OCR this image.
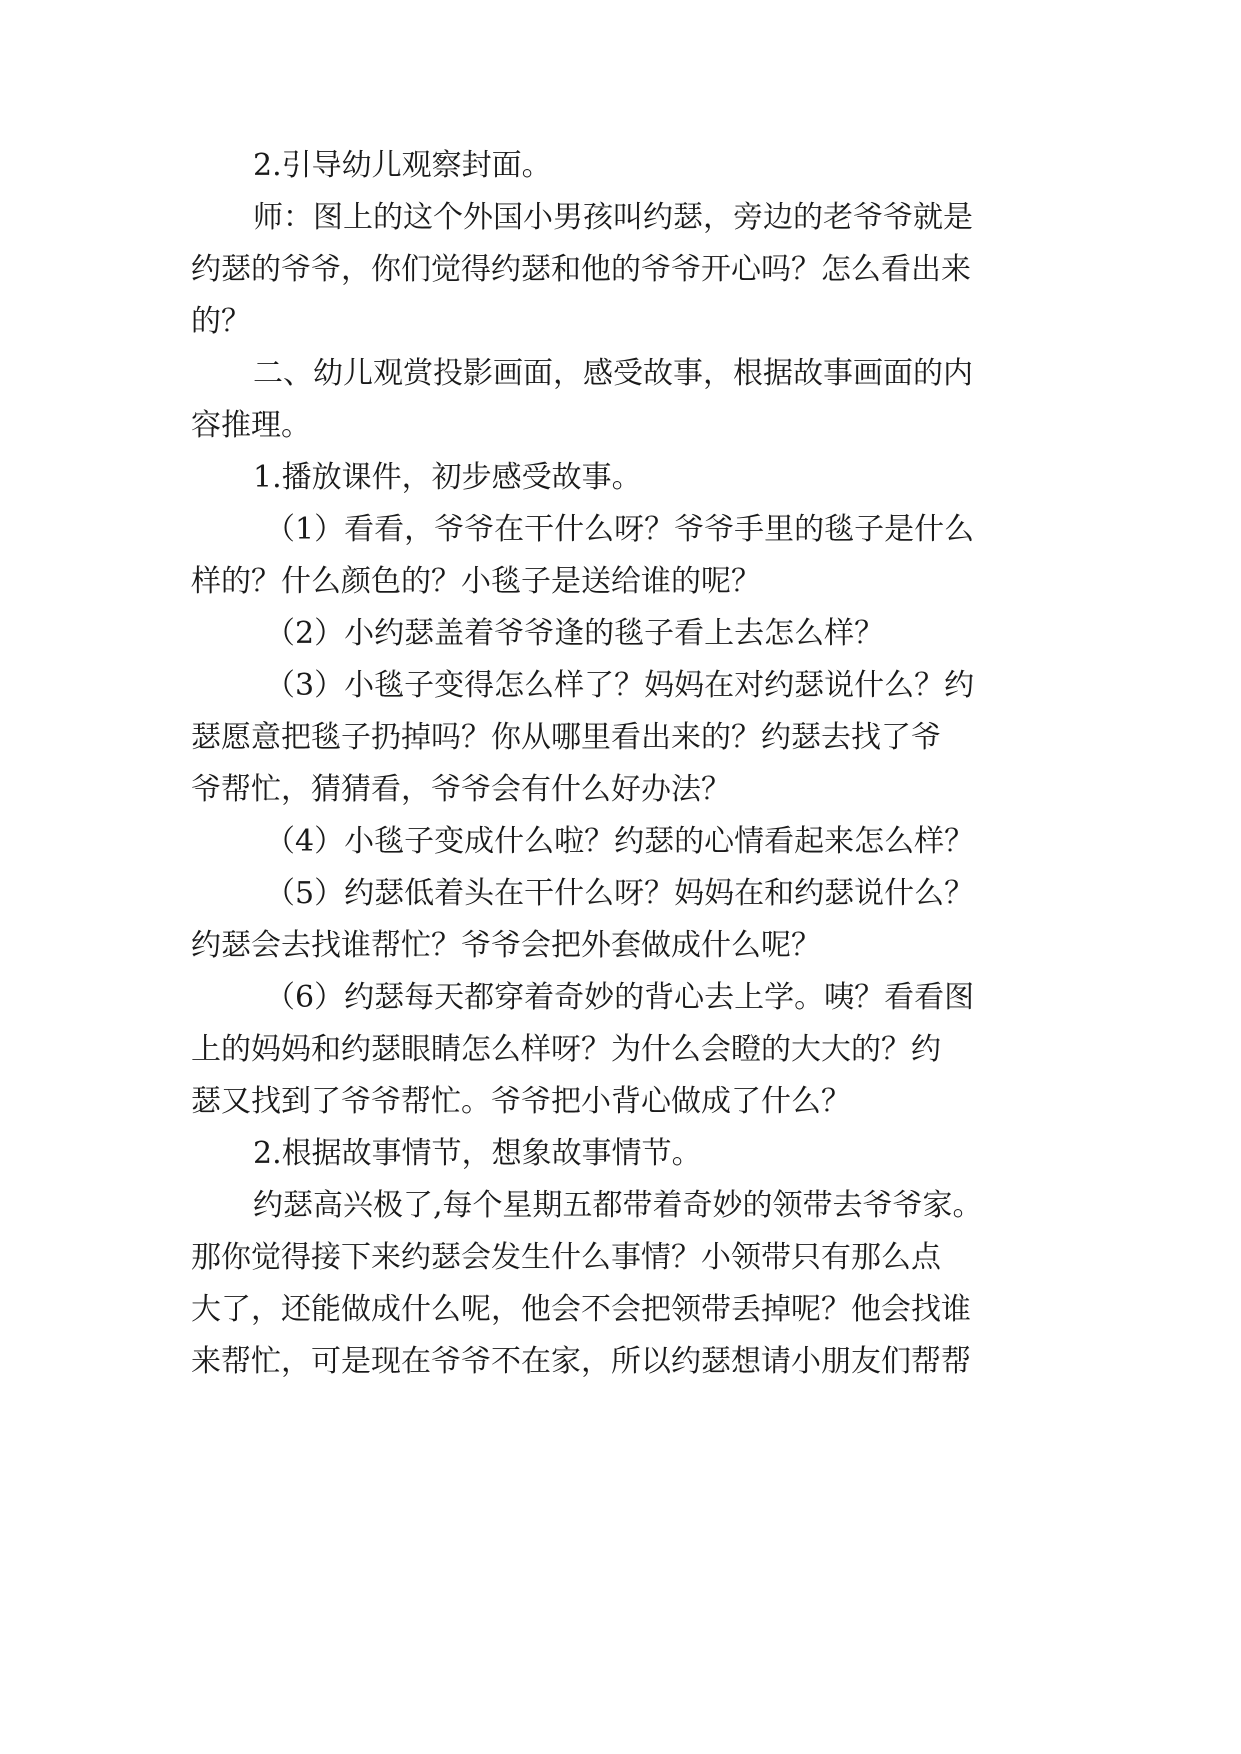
2.引导幼儿观察封面。
师：图上的这个外国小男孩叫约瑟，旁边的老爷爷就是
约瑟的爷爷，你们觉得约瑟和他的爷爷开心吗？怎么看出来
的？
二、幼儿观赏投影画面，感受故事，根据故事画面的内
容推理。
1.播放课件，初步感受故事。
（1）看看，爷爷在干什么呀？爷爷手里的毯子是什么
样的？什么颜色的？小毯子是送给谁的呢？
（2）小约瑟盖着爷爷逢的毯子看上去怎么样？
（3）小毯子变得怎么样了？妈妈在对约瑟说什么？约
瑟愿意把毯子扔掉吗？你从哪里看出来的？约瑟去找了爷
爷帮忙，猜猜看，爷爷会有什么好办法？
（4）小毯子变成什么啦？约瑟的心情看起来怎么样？
（5）约瑟低着头在干什么呀？妈妈在和约瑟说什么？
约瑟会去找谁帮忙？爷爷会把外套做成什么呢？
（6）约瑟每天都穿着奇妙的背心去上学。咦？看看图
上的妈妈和约瑟眼睛怎么样呀？为什么会瞪的大大的？约
瑟又找到了爷爷帮忙。爷爷把小背心做成了什么？
2.根据故事情节，想象故事情节。
约瑟高兴极了,每个星期五都带着奇妙的领带去爷爷家。
那你觉得接下来约瑟会发生什么事情？小领带只有那么点
大了，还能做成什么呢，他会不会把领带丢掉呢？他会找谁
来帮忙，可是现在爷爷不在家，所以约瑟想请小朋友们帮帮
